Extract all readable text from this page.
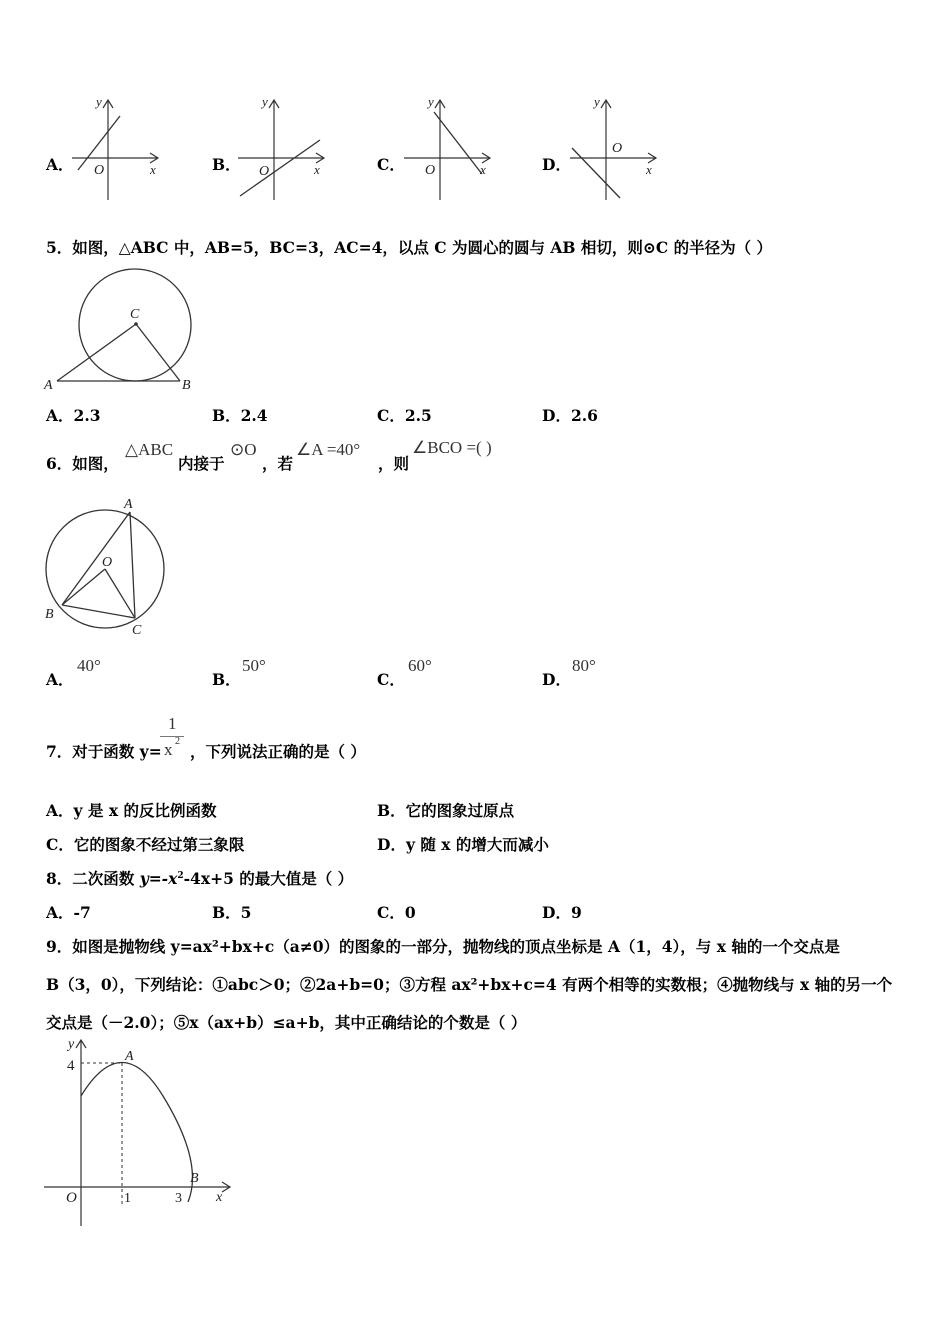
A．
y
x
O	B．
y
x
O	C．
y
x
O	D．
y
x
O
5．如图，△ABC 中，AB=5，BC=3，AC=4，以点 C 为圆心的圆与 AB 相切，则⊙C 的半径为（ ）
A	B
C
A．2.3	B．2.4	C．2.5	D．2.6
6．如图，
△ABC
内接于
⊙O
，若
∠A =40°
，则
∠BCO =( )
A
B
C
O
A．
40°
B．
50°
C．
60°
D．
80°
7．对于函数 y=
1
x 2
，下列说法正确的是（ ）
A．y 是 x 的反比例函数	B．它的图象过原点
C．它的图象不经过第三象限	D．y 随 x 的增大而减小
8．二次函数 $y=-x^2-4x+5$ 的最大值是（ ）
A．-7	B．5	C．0	D．9
9．如图是抛物线 y=ax²+bx+c（a≠0）的图象的一部分，抛物线的顶点坐标是 A（1，4），与 x 轴的一个交点是
B（3，0），下列结论：①abc＞0；②2a+b=0；③方程 ax²+bx+c=4 有两个相等的实数根；④抛物线与 x 轴的另一个
交点是（－2.0）；⑤x（ax+b）≤a+b，其中正确结论的个数是（ ）
y
x
O
4
1	3
A
B
